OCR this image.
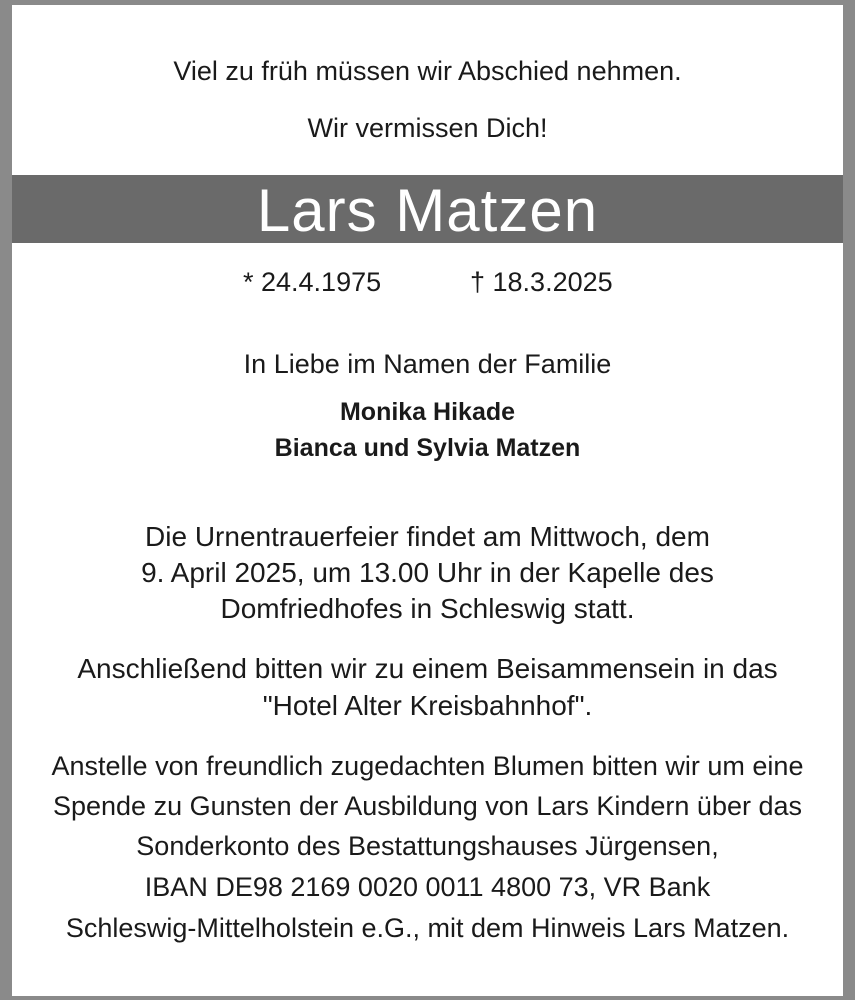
Viel zu früh müssen wir Abschied nehmen.
Wir vermissen Dich!
Lars Matzen
* 24.4.1975	† 18.3.2025
In Liebe im Namen der Familie
Monika Hikade
Bianca und Sylvia Matzen
Die Urnentrauerfeier findet am Mittwoch, dem
9. April 2025, um 13.00 Uhr in der Kapelle des
Domfriedhofes in Schleswig statt.
Anschließend bitten wir zu einem Beisammensein in das
"Hotel Alter Kreisbahnhof".
Anstelle von freundlich zugedachten Blumen bitten wir um eine
Spende zu Gunsten der Ausbildung von Lars Kindern über das
Sonderkonto des Bestattungshauses Jürgensen,
IBAN DE98 2169 0020 0011 4800 73, VR Bank
Schleswig-Mittelholstein e.G., mit dem Hinweis Lars Matzen.
